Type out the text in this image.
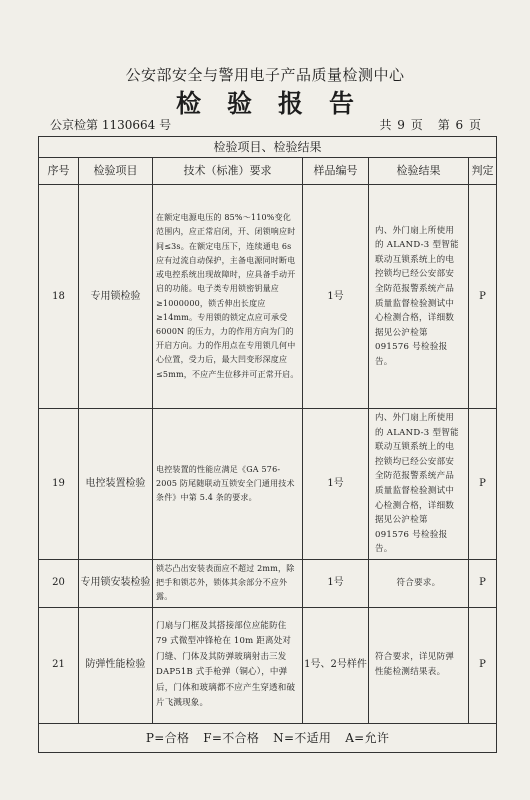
公安部安全与警用电子产品质量检测中心
检验报告
公京检第 1130664 号	共 9 页 第 6 页
检验项目、检验结果					
序号	检验项目	技术（标准）要求	样品编号	检验结果	判定
18	专用锁检验	在额定电源电压的 85%～110%变化范围内，应正常启闭，开、闭锁响应时间≤3s。在额定电压下，连续通电 6s 应有过流自动保护，主备电源同时断电或电控系统出现故障时，应具备手动开启的功能。电子类专用锁密钥量应≥1000000，锁舌伸出长度应≥14mm。专用锁的锁定点应可承受 6000N 的压力，力的作用方向为门的开启方向。力的作用点在专用锁几何中心位置，受力后，最大凹变形深度应≤5mm，不应产生位移并可正常开启。	1号	内、外门扇上所使用的 ALAND-3 型智能联动互锁系统上的电控锁均已经公安部安全防范报警系统产品质量监督检验测试中心检测合格，详细数据见公沪检第 091576 号检验报告。	P
19	电控装置检验	电控装置的性能应满足《GA 576-2005 防尾随联动互锁安全门通用技术条件》中第 5.4 条的要求。	1号	内、外门扇上所使用的 ALAND-3 型智能联动互锁系统上的电控锁均已经公安部安全防范报警系统产品质量监督检验测试中心检测合格，详细数据见公沪检第 091576 号检验报告。	P
20	专用锁安装检验	锁芯凸出安装表面应不超过 2mm，除把手和锁芯外，锁体其余部分不应外露。	1号	符合要求。	P
21	防弹性能检验	门扇与门框及其搭接部位应能防住 79 式微型冲锋枪在 10m 距离处对门缝、门体及其防弹玻璃射击三发 DAP51B 式手枪弹（铜心），中弹后，门体和玻璃都不应产生穿透和破片飞溅现象。	1号、2号样件	符合要求，详见防弹性能检测结果表。	P
P=合格 F=不合格 N=不适用 A=允许					
